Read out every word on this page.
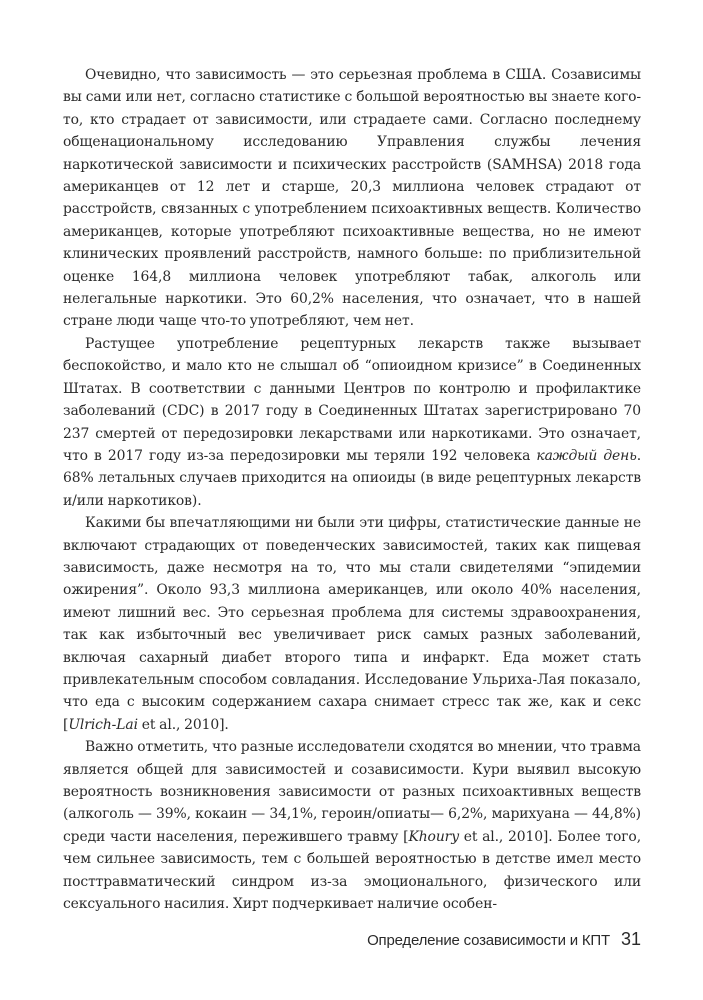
Очевидно, что зависимость — это серьезная проблема в США. Созависимы вы сами или нет, согласно статистике с большой вероятностью вы знаете кого-то, кто страдает от зависимости, или страдаете сами. Согласно последнему общенациональному исследованию Управления службы лечения наркотической зависимости и психических расстройств (SAMHSA) 2018 года американцев от 12 лет и старше, 20,3 миллиона человек страдают от расстройств, связанных с употреблением психоактивных веществ. Количество американцев, которые употребляют психоактивные вещества, но не имеют клинических проявлений расстройств, намного больше: по приблизительной оценке 164,8 миллиона человек употребляют табак, алкоголь или нелегальные наркотики. Это 60,2% населения, что означает, что в нашей стране люди чаще что-то употребляют, чем нет.

Растущее употребление рецептурных лекарств также вызывает беспокойство, и мало кто не слышал об “опиоидном кризисе” в Соединенных Штатах. В соответствии с данными Центров по контролю и профилактике заболеваний (CDC) в 2017 году в Соединенных Штатах зарегистрировано 70 237 смертей от передозировки лекарствами или наркотиками. Это означает, что в 2017 году из-за передозировки мы теряли 192 человека каждый день. 68% летальных случаев приходится на опиоиды (в виде рецептурных лекарств и/или наркотиков).

Какими бы впечатляющими ни были эти цифры, статистические данные не включают страдающих от поведенческих зависимостей, таких как пищевая зависимость, даже несмотря на то, что мы стали свидетелями “эпидемии ожирения”. Около 93,3 миллиона американцев, или около 40% населения, имеют лишний вес. Это серьезная проблема для системы здравоохранения, так как избыточный вес увеличивает риск самых разных заболеваний, включая сахарный диабет второго типа и инфаркт. Еда может стать привлекательным способом совладания. Исследование Ульриха-Лая показало, что еда с высоким содержанием сахара снимает стресс так же, как и секс [Ulrich-Lai et al., 2010].

Важно отметить, что разные исследователи сходятся во мнении, что травма является общей для зависимостей и созависимости. Кури выявил высокую вероятность возникновения зависимости от разных психоактивных веществ (алкоголь — 39%, кокаин — 34,1%, героин/опиаты— 6,2%, марихуана — 44,8%) среди части населения, пережившего травму [Khoury et al., 2010]. Более того, чем сильнее зависимость, тем с большей вероятностью в детстве имел место посттравматический синдром из-за эмоционального, физического или сексуального насилия. Хирт подчеркивает наличие особен-

Определение созависимости и КПТ 31
